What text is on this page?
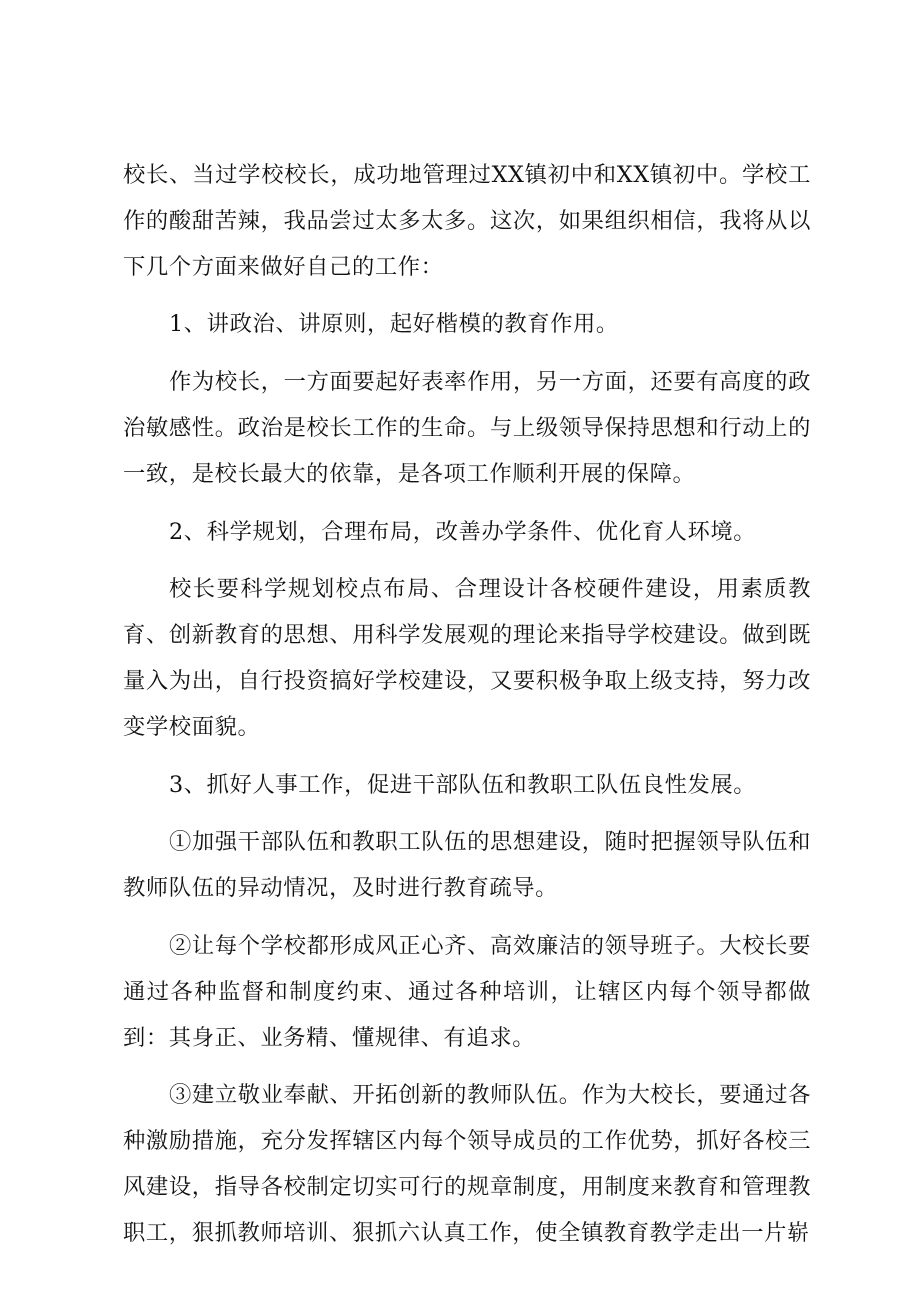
校长、当过学校校长，成功地管理过XX镇初中和XX镇初中。学校工作的酸甜苦辣，我品尝过太多太多。这次，如果组织相信，我将从以下几个方面来做好自己的工作：

1、讲政治、讲原则，起好楷模的教育作用。

作为校长，一方面要起好表率作用，另一方面，还要有高度的政治敏感性。政治是校长工作的生命。与上级领导保持思想和行动上的一致，是校长最大的依靠，是各项工作顺利开展的保障。

2、科学规划，合理布局，改善办学条件、优化育人环境。

校长要科学规划校点布局、合理设计各校硬件建设，用素质教育、创新教育的思想、用科学发展观的理论来指导学校建设。做到既量入为出，自行投资搞好学校建设，又要积极争取上级支持，努力改变学校面貌。

3、抓好人事工作，促进干部队伍和教职工队伍良性发展。

①加强干部队伍和教职工队伍的思想建设，随时把握领导队伍和教师队伍的异动情况，及时进行教育疏导。

②让每个学校都形成风正心齐、高效廉洁的领导班子。大校长要通过各种监督和制度约束、通过各种培训，让辖区内每个领导都做到：其身正、业务精、懂规律、有追求。

③建立敬业奉献、开拓创新的教师队伍。作为大校长，要通过各种激励措施，充分发挥辖区内每个领导成员的工作优势，抓好各校三风建设，指导各校制定切实可行的规章制度，用制度来教育和管理教职工，狠抓教师培训、狠抓六认真工作，使全镇教育教学走出一片崭
